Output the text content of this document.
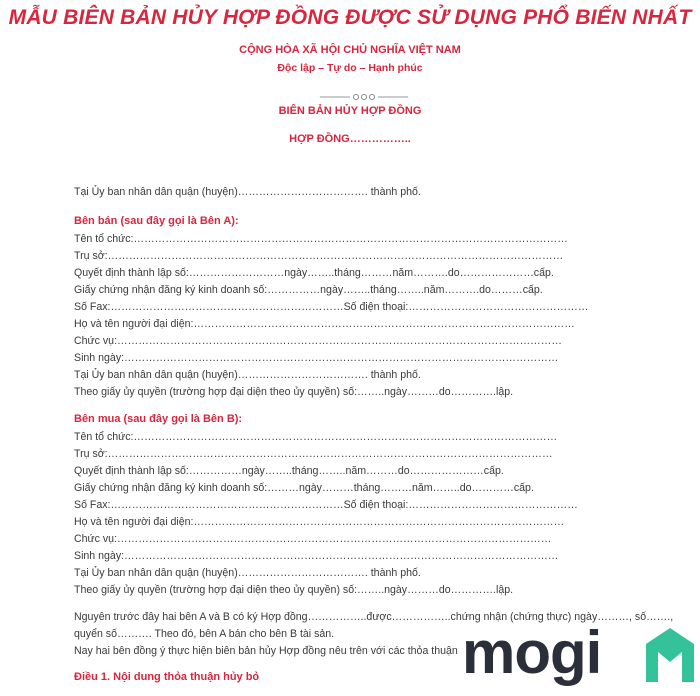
MẪU BIÊN BẢN HỦY HỢP ĐỒNG ĐƯỢC SỬ DỤNG PHỔ BIẾN NHẤT
CỘNG HÒA XÃ HỘI CHỦ NGHĨA VIỆT NAM
Độc lập – Tự do – Hạnh phúc
BIÊN BẢN HỦY HỢP ĐỒNG
HỢP ĐỒNG……………..
Tại Ủy ban nhân dân quận (huyện)………………………………. thành phố.
Bên bán (sau đây gọi là Bên A):
Tên tổ chức:……………………………………………………………………………………………………………
Trụ sở:…………………………………………………………………………………………………………………
Quyết định thành lập số:………………………ngày……..tháng………năm……….do…………………cấp.
Giấy chứng nhận đăng ký kinh doanh số:……………ngày……..tháng……..năm……….do………cấp.
Số Fax:…………………………………………………………Số điện thoại:……………………………………………
Họ và tên người đại diện:………………………………………………………………………………………………
Chức vụ:………………………………………………………………………………………………………………
Sinh ngày:……………………………………………………………………………………………………………
Tại Ủy ban nhân dân quận (huyện)………………………………. thành phố.
Theo giấy ủy quyền (trường hợp đại diện theo ủy quyền) số:……..ngày………do………….lập.
Bên mua (sau đây gọi là Bên B):
Tên tổ chức:…………………………………………………………………………………………………………
Trụ sở:………………………………………………………………………………………………………………
Quyết định thành lập số:……………ngày……..tháng……..năm………do…………………cấp.
Giấy chứng nhận đăng ký kinh doanh số:………ngày………tháng………năm……..do…………cấp.
Số Fax:…………………………………………………………Số điện thoại:…………………………………………
Họ và tên người đại diện:……………………………………………………………………………………………
Chức vụ:……………………………………………………………………………………………………………
Sinh ngày:……………………………………………………………………………………………………………
Tại Ủy ban nhân dân quận (huyện)………………………………. thành phố.
Theo giấy ủy quyền (trường hợp đại diện theo ủy quyền) số:……..ngày………do………….lập.
Nguyên trước đây hai bên A và B có ký Hợp đồng……………..được……………..chứng nhận (chứng thực) ngày………, số…….,
quyển số………. Theo đó, bên A bán cho bên B tài sản.
Nay hai bên đồng ý thực hiện biên bản hủy Hợp đồng nêu trên với các thỏa thuận
Điều 1. Nội dung thỏa thuận hủy bỏ	mogi
